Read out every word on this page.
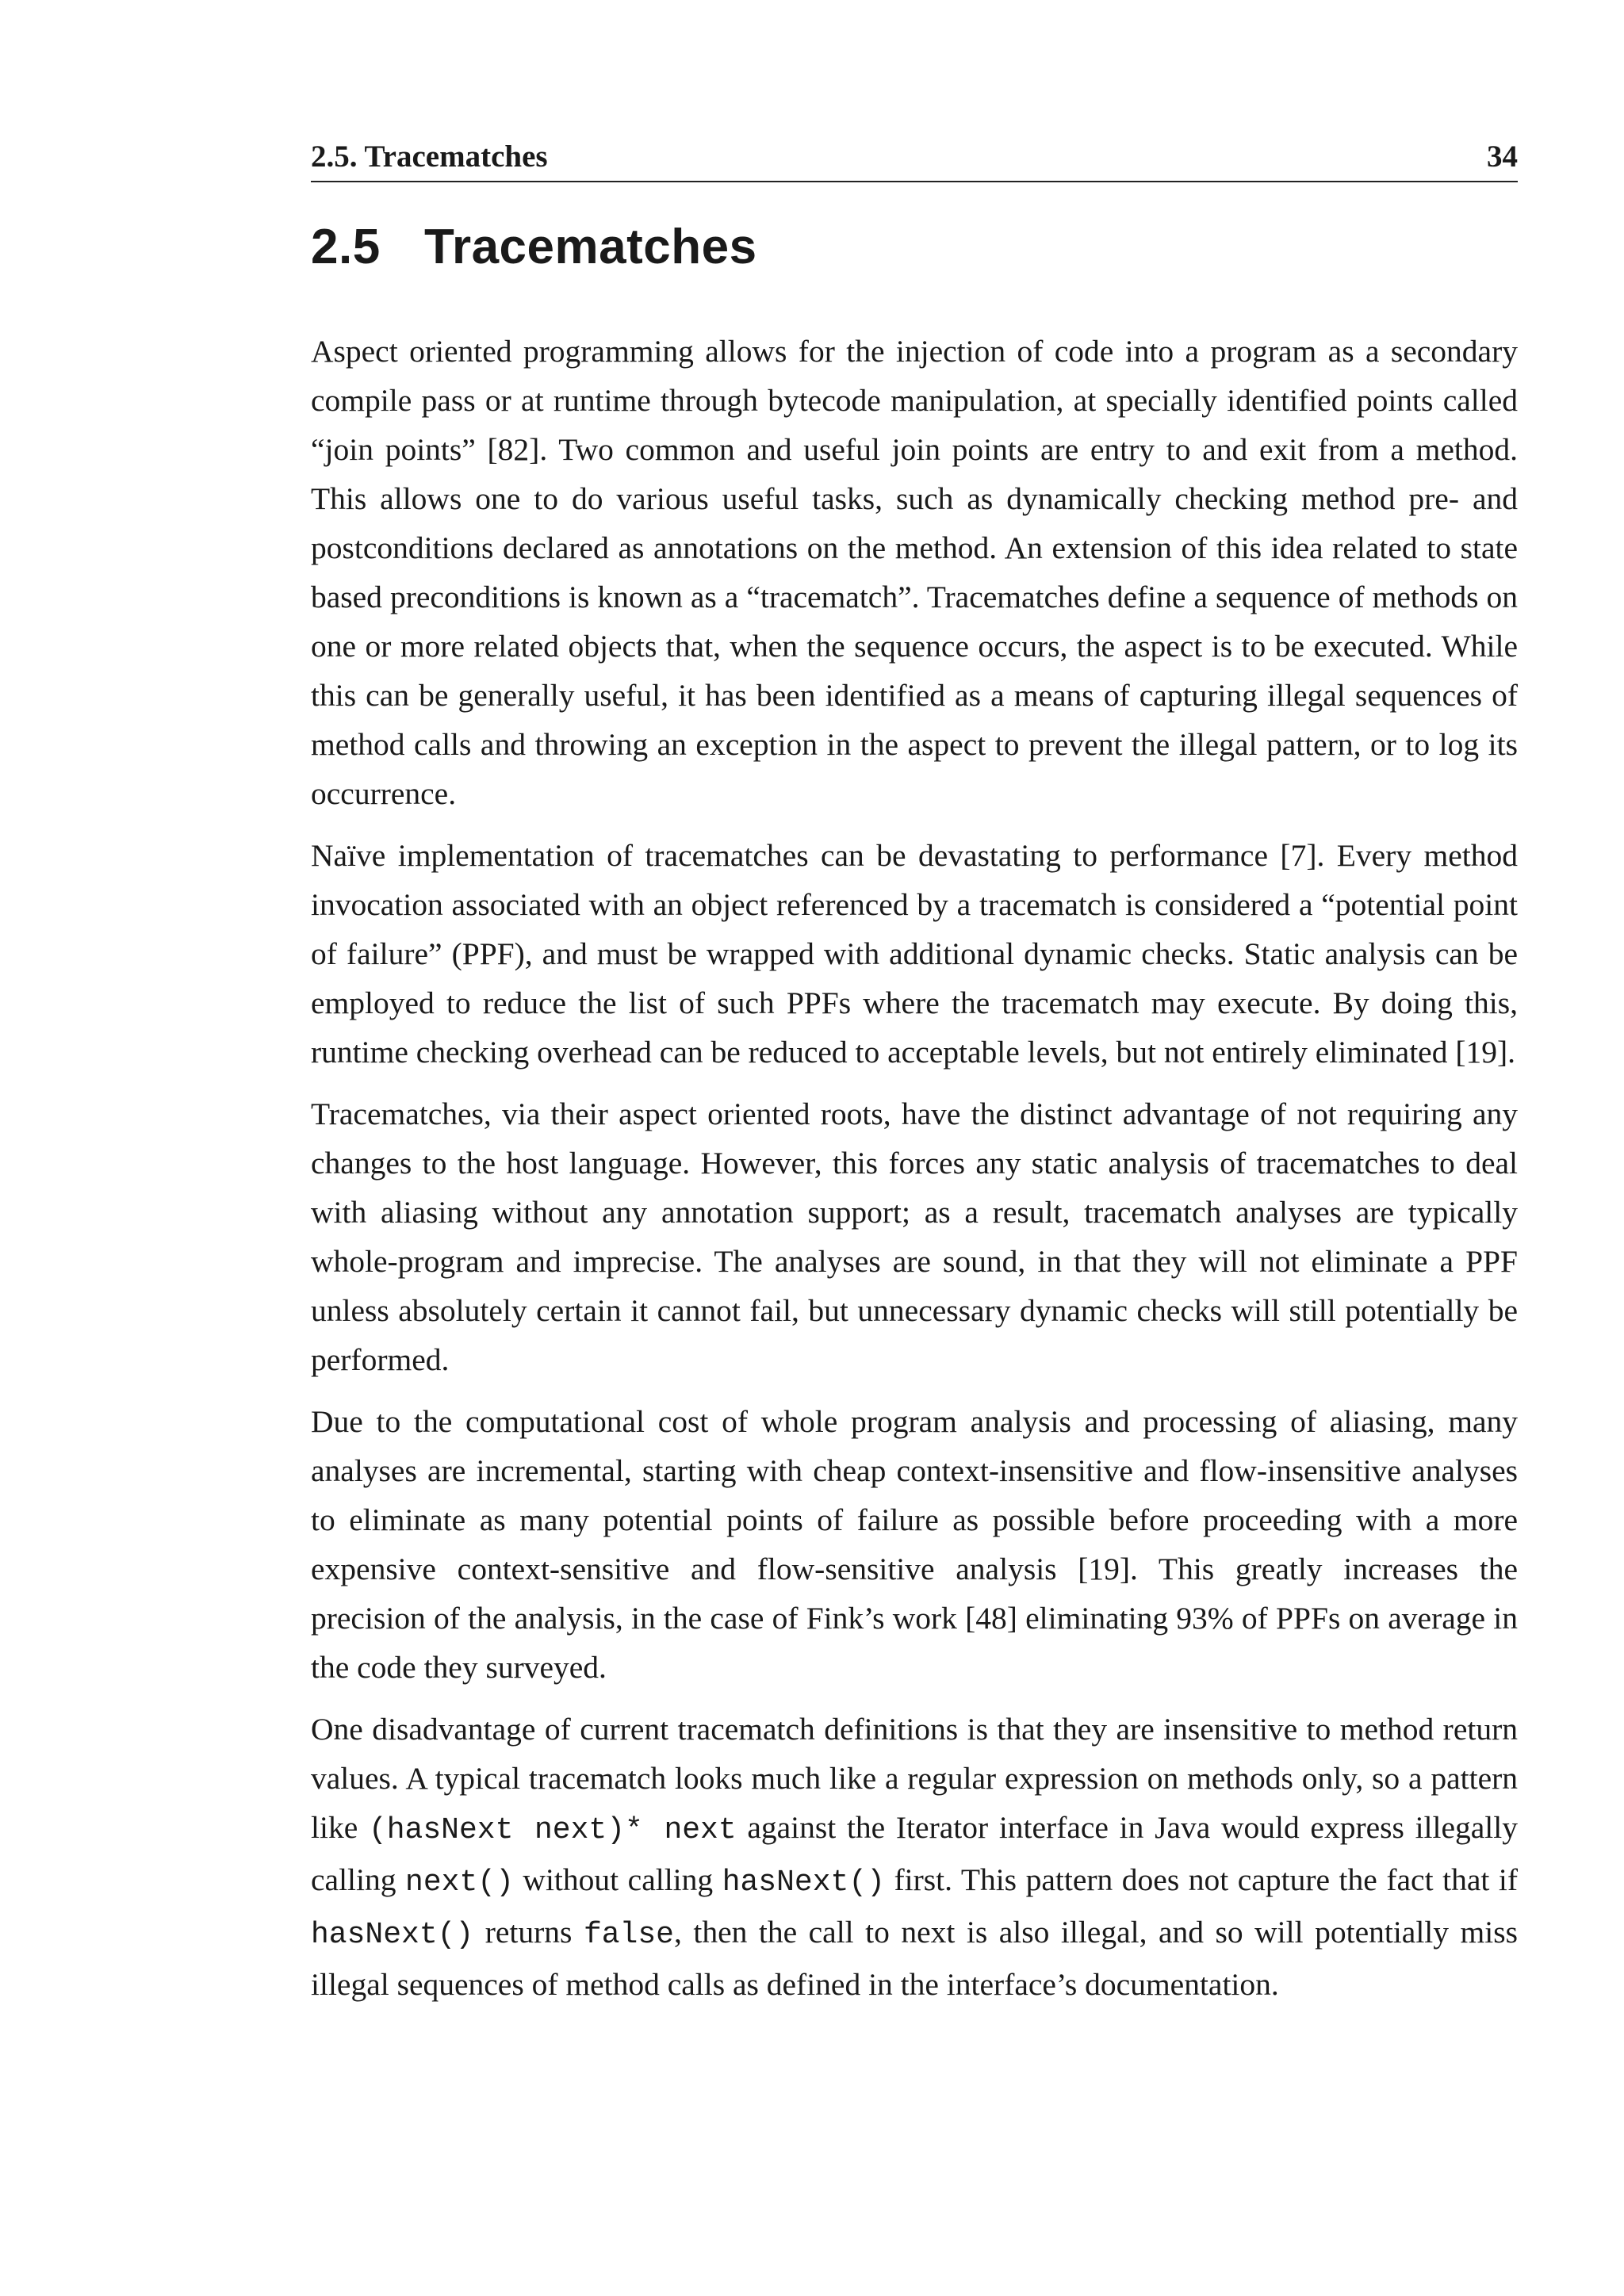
2.5. Tracematches	34
2.5 Tracematches

Aspect oriented programming allows for the injection of code into a program as a secondary compile pass or at runtime through bytecode manipulation, at specially identified points called “join points” [82]. Two common and useful join points are entry to and exit from a method. This allows one to do various useful tasks, such as dynamically checking method pre- and postconditions declared as annotations on the method. An extension of this idea related to state based preconditions is known as a “tracematch”. Tracematches define a sequence of methods on one or more related objects that, when the sequence occurs, the aspect is to be executed. While this can be generally useful, it has been identified as a means of capturing illegal sequences of method calls and throwing an exception in the aspect to prevent the illegal pattern, or to log its occurrence.

Naïve implementation of tracematches can be devastating to performance [7]. Every method invocation associated with an object referenced by a tracematch is considered a “potential point of failure” (PPF), and must be wrapped with additional dynamic checks. Static analysis can be employed to reduce the list of such PPFs where the tracematch may execute. By doing this, runtime checking overhead can be reduced to acceptable levels, but not entirely eliminated [19].

Tracematches, via their aspect oriented roots, have the distinct advantage of not requiring any changes to the host language. However, this forces any static analysis of tracematches to deal with aliasing without any annotation support; as a result, tracematch analyses are typically whole-program and imprecise. The analyses are sound, in that they will not eliminate a PPF unless absolutely certain it cannot fail, but unnecessary dynamic checks will still potentially be performed.

Due to the computational cost of whole program analysis and processing of aliasing, many analyses are incremental, starting with cheap context-insensitive and flow-insensitive analyses to eliminate as many potential points of failure as possible before proceeding with a more expensive context-sensitive and flow-sensitive analysis [19]. This greatly increases the precision of the analysis, in the case of Fink’s work [48] eliminating 93% of PPFs on average in the code they surveyed.

One disadvantage of current tracematch definitions is that they are insensitive to method return values. A typical tracematch looks much like a regular expression on methods only, so a pattern like (hasNext next)* next against the Iterator interface in Java would express illegally calling next() without calling hasNext() first. This pattern does not capture the fact that if hasNext() returns false, then the call to next is also illegal, and so will potentially miss illegal sequences of method calls as defined in the interface’s documentation.
